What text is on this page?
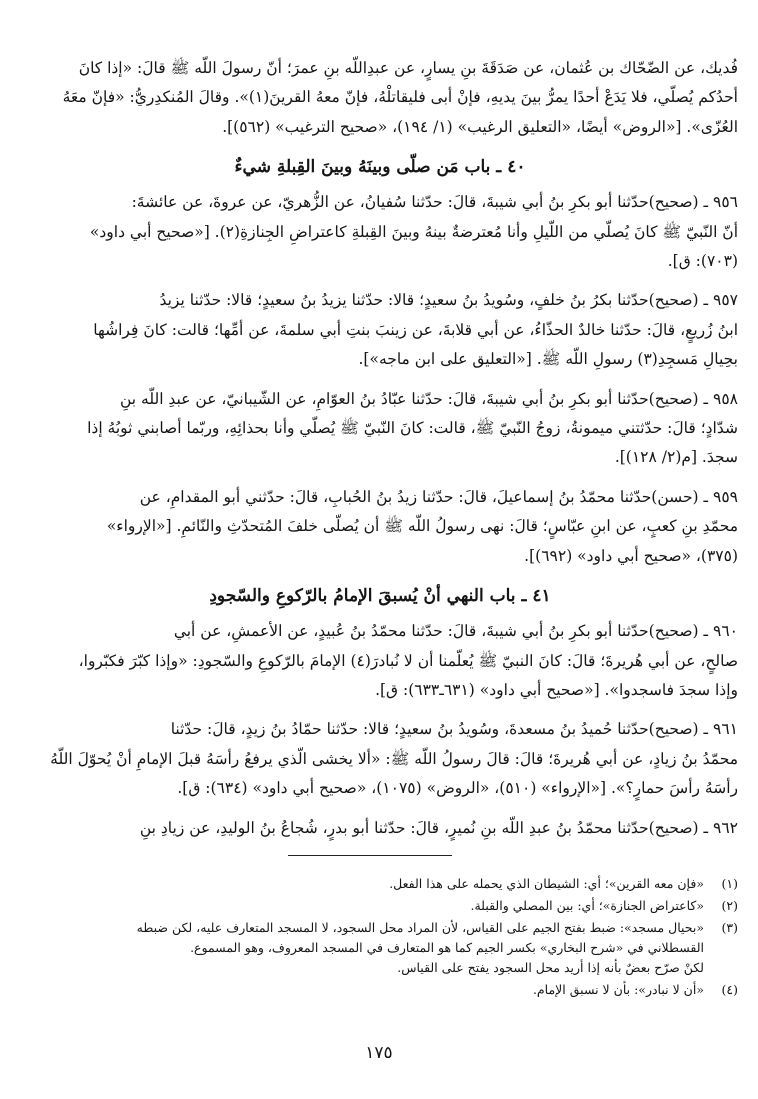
فُديك، عن الضّحّاك بن عُثمان، عن صَدَقَةَ بنِ يسارٍ، عن عبدِاللّه بنِ عمرَ؛ أنّ رسولَ اللّه ﷺ قالَ: «إذا كانَ

أحدُكم يُصلّي، فلا يَدَعْ أحدًا يمرُّ بينَ يديهِ، فإنْ أبى فليقاتلْهُ، فإنّ معهُ القرينَ(١)». وقالَ المُنكدِريُّ: «فإنّ معَهُ

العُزّى». [«الروض» أيضًا، «التعليق الرغيب» (١/ ١٩٤)، «صحيح الترغيب» (٥٦٢)].

٤٠ ـ باب مَن صلّى وبينَهُ وبينَ القِبلةِ شيءٌ

٩٥٦ ـ (صحيح)حدّثنا أبو بكرِ بنُ أبي شيبةَ، قالَ: حدّثنا سُفيانُ، عن الزُّهريّ، عن عروةَ، عن عائشةَ:

أنّ النّبيّ ﷺ كانَ يُصلّي من اللّيلِ وأنا مُعترضةٌ بينهُ وبينَ القِبلةِ كاعتراضِ الجِنازةِ(٢). [«صحيح أبي داود»

(٧٠٣): ق].

٩٥٧ ـ (صحيح)حدّثنا بكرُ بنُ خلفٍ، وسُويدُ بنُ سعيدٍ؛ قالا: حدّثنا يزيدُ بنُ سعيدٍ؛ قالا: حدّثنا يزيدُ

ابنُ زُريعٍ، قالَ: حدّثنا خالدٌ الحذّاءُ، عن أبي قلابةَ، عن زينبَ بنتِ أبي سلمةَ، عن أمِّها؛ قالت: كانَ فِراشُها

بحِيالِ مَسجِدِ(٣) رسولِ اللّه ﷺ. [«التعليق على ابن ماجه»].

٩٥٨ ـ (صحيح)حدّثنا أبو بكرِ بنُ أبي شيبةَ، قالَ: حدّثنا عبّادُ بنُ العوّامِ، عن الشّيبانيّ، عن عبدِ اللّه بنِ

شدّادٍ؛ قالَ: حدّثتني ميمونةُ، زوجُ النّبيّ ﷺ، قالت: كانَ النّبيّ ﷺ يُصلّي وأنا بحذائِهِ، وربّما أصابني ثوبُهُ إذا

سجدَ. [م(٢/ ١٢٨)].

٩٥٩ ـ (حسن)حدّثنا محمّدُ بنُ إسماعيلَ، قالَ: حدّثنا زيدُ بنُ الحُبابِ، قالَ: حدّثني أبو المقدامِ، عن

محمّدِ بنِ كعبٍ، عن ابنِ عبّاسٍ؛ قالَ: نهى رسولُ اللّه ﷺ أن يُصلّى خلفَ المُتحدّثِ والنّائمِ. [«الإرواء»

(٣٧٥)، «صحيح أبي داود» (٦٩٢)].

٤١ ـ باب النهي أنْ يُسبقَ الإمامُ بالرّكوعِ والسّجودِ

٩٦٠ ـ (صحيح)حدّثنا أبو بكرِ بنُ أبي شيبةَ، قالَ: حدّثنا محمّدُ بنُ عُبيدٍ، عن الأعمشِ، عن أبي

صالحٍ، عن أبي هُريرةَ؛ قالَ: كانَ النبيّ ﷺ يُعلّمنا أن لا نُبادرَ(٤) الإمامَ بالرّكوعِ والسّجودِ: «وإذا كبّرَ فكبّروا،

وإذا سجدَ فاسجدوا». [«صحيح أبي داود» (٦٣١ـ٦٣٣): ق].

٩٦١ ـ (صحيح)حدّثنا حُميدُ بنُ مسعدةَ، وسُويدُ بنُ سعيدٍ؛ قالا: حدّثنا حمّادُ بنُ زيدٍ، قالَ: حدّثنا

محمّدُ بنُ زيادٍ، عن أبي هُريرةَ؛ قالَ: قالَ رسولُ اللّه ﷺ: «ألا يخشى الّذي يرفعُ رأسَهُ قبلَ الإمامِ أنْ يُحوّلَ اللّهُ

رأسَهُ رأسَ حمارٍ؟». [«الإرواء» (٥١٠)، «الروض» (١٠٧٥)، «صحيح أبي داود» (٦٣٤): ق].

٩٦٢ ـ (صحيح)حدّثنا محمّدُ بنُ عبدِ اللّه بنِ نُميرٍ، قالَ: حدّثنا أبو بدرٍ، شُجاعُ بنُ الوليدِ، عن زيادِ بنِ

(١)
«فإن معه القرين»؛ أي: الشيطان الذي يحمله على هذا الفعل.
(٢)
«كاعتراض الجنازة»؛ أي: بين المصلي والقبلة.
(٣)
«بحيال مسجد»: ضبط بفتح الجيم على القياس، لأن المراد محل السجود، لا المسجد المتعارف عليه، لكن ضبطه
القسطلاني في «شرح البخاري» بكسر الجيم كما هو المتعارف في المسجد المعروف، وهو المسموع.
لكنْ صرّح بعضٌ بأنه إذا أريد محل السجود يفتح على القياس.
(٤)
«أن لا نبادر»: بأن لا نسبق الإمام.
١٧٥
